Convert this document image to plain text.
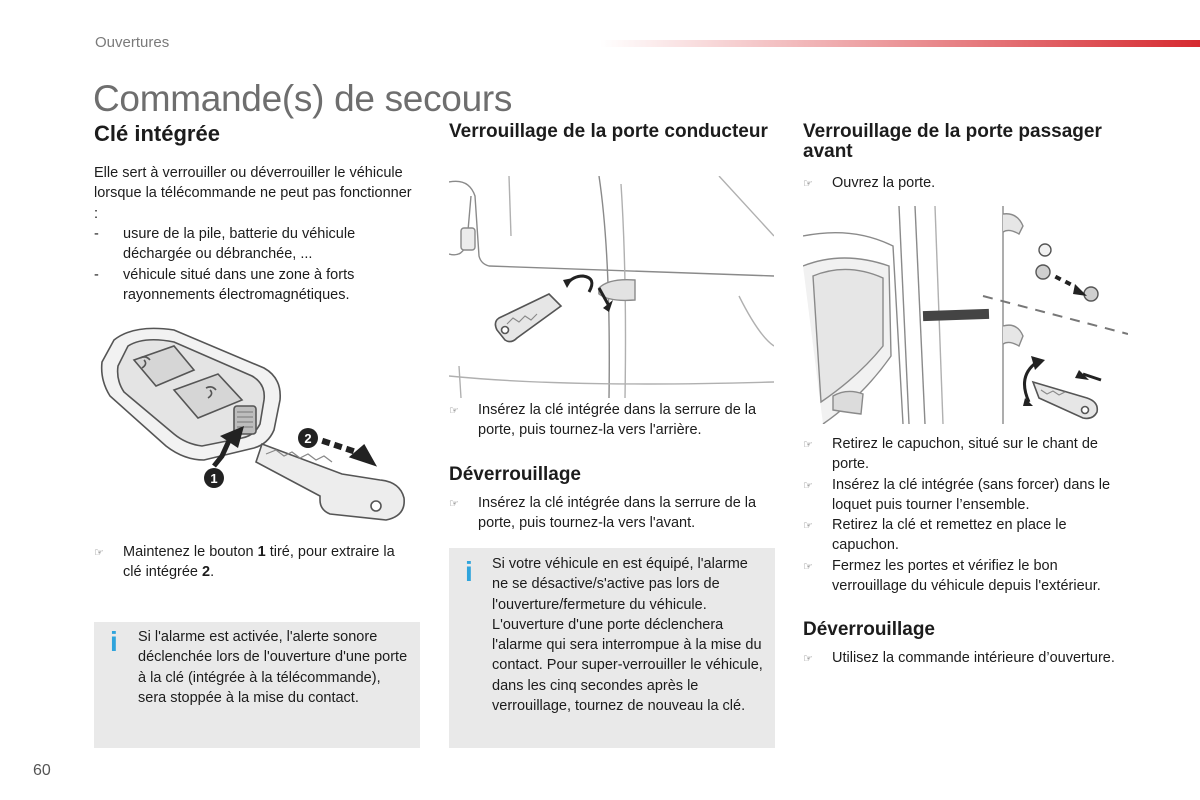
Ouvertures
Commande(s) de secours
Clé intégrée

Elle sert à verrouiller ou déverrouiller le véhicule lorsque la télécommande ne peut pas fonctionner :

- usure de la pile, batterie du véhicule déchargée ou débranchée, ...
- véhicule situé dans une zone à forts rayonnements électromagnétiques.
1
2
☞ Maintenez le bouton 1 tiré, pour extraire la clé intégrée 2.
i Si l'alarme est activée, l'alerte sonore déclenchée lors de l'ouverture d'une porte à la clé (intégrée à la télécommande), sera stoppée à la mise du contact.
Verrouillage de la porte conducteur
☞ Insérez la clé intégrée dans la serrure de la porte, puis tournez-la vers l'arrière.
Déverrouillage
☞ Insérez la clé intégrée dans la serrure de la porte, puis tournez-la vers l'avant.
i Si votre véhicule en est équipé, l'alarme ne se désactive/s'active pas lors de l'ouverture/fermeture du véhicule. L'ouverture d'une porte déclenchera l'alarme qui sera interrompue à la mise du contact. Pour super-verrouiller le véhicule, dans les cinq secondes après le verrouillage, tournez de nouveau la clé.
Verrouillage de la porte passager avant
☞ Ouvrez la porte.
☞ Retirez le capuchon, situé sur le chant de porte.
☞ Insérez la clé intégrée (sans forcer) dans le loquet puis tourner l’ensemble.
☞ Retirez la clé et remettez en place le capuchon.
☞ Fermez les portes et vérifiez le bon verrouillage du véhicule depuis l'extérieur.
Déverrouillage
☞ Utilisez la commande intérieure d’ouverture.
60
